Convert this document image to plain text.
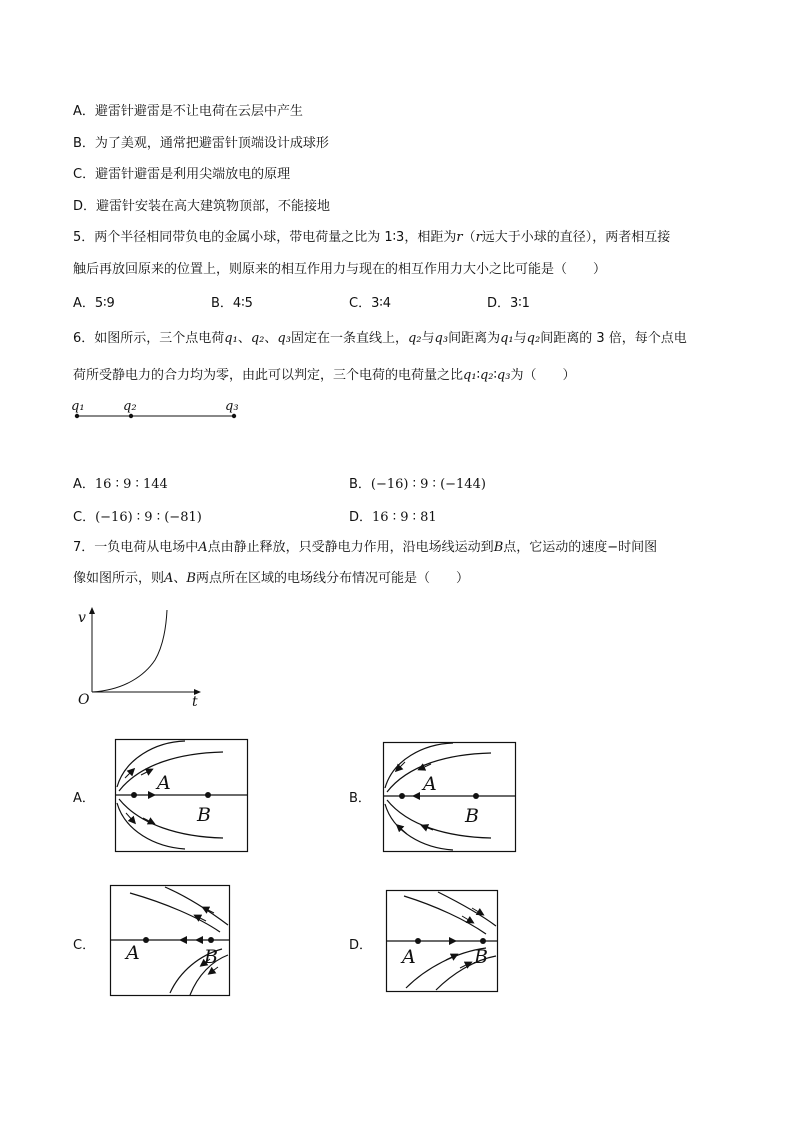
A．避雷针避雷是不让电荷在云层中产生
B．为了美观，通常把避雷针顶端设计成球形
C．避雷针避雷是利用尖端放电的原理
D．避雷针安装在高大建筑物顶部，不能接地
5．两个半径相同带负电的金属小球，带电荷量之比为 1∶3，相距为r（r远大于小球的直径），两者相互接
触后再放回原来的位置上，则原来的相互作用力与现在的相互作用力大小之比可能是（　　）
A．5∶9	B．4∶5	C．3∶4	D．3∶1
6．如图所示，三个点电荷q₁、q₂、q₃固定在一条直线上，q₂与q₃间距离为q₁与q₂间距离的 3 倍，每个点电
荷所受静电力的合力均为零，由此可以判定，三个电荷的电荷量之比q₁∶q₂∶q₃为（　　）
q₁	q₂	q₃
A．16 ∶ 9 ∶ 144	B．(−16) ∶ 9 ∶ (−144)
C．(−16) ∶ 9 ∶ (−81)	D．16 ∶ 9 ∶ 81
7．一负电荷从电场中A点由静止释放，只受静电力作用，沿电场线运动到B点，它运动的速度−时间图
像如图所示，则A、B两点所在区域的电场线分布情况可能是（　　）
v
t
O
A．	B．
C．	D．
A
B
A
B
A	B	A	B
